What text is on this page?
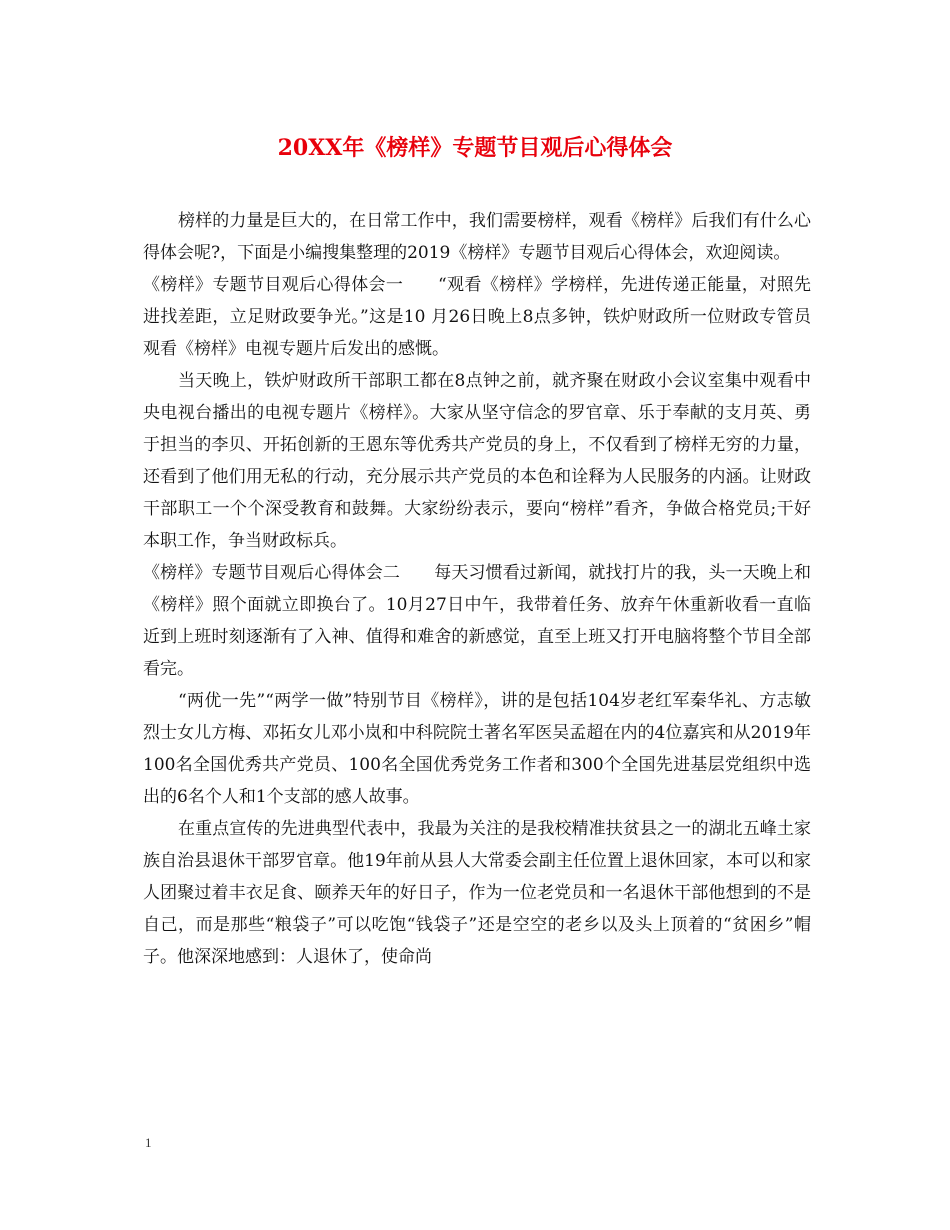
20XX年《榜样》专题节目观后心得体会

榜样的力量是巨大的，在日常工作中，我们需要榜样，观看《榜样》后我们有什么心得体会呢?，下面是小编搜集整理的2019《榜样》专题节目观后心得体会，欢迎阅读。

《榜样》专题节目观后心得体会一　　“观看《榜样》学榜样，先进传递正能量，对照先进找差距，立足财政要争光。”这是10 月26日晚上8点多钟，铁炉财政所一位财政专管员观看《榜样》电视专题片后发出的感慨。

当天晚上，铁炉财政所干部职工都在8点钟之前，就齐聚在财政小会议室集中观看中央电视台播出的电视专题片《榜样》。大家从坚守信念的罗官章、乐于奉献的支月英、勇于担当的李贝、开拓创新的王恩东等优秀共产党员的身上，不仅看到了榜样无穷的力量，还看到了他们用无私的行动，充分展示共产党员的本色和诠释为人民服务的内涵。让财政干部职工一个个深受教育和鼓舞。大家纷纷表示，要向“榜样”看齐，争做合格党员;干好本职工作，争当财政标兵。

《榜样》专题节目观后心得体会二　　每天习惯看过新闻，就找打片的我，头一天晚上和《榜样》照个面就立即换台了。10月27日中午，我带着任务、放弃午休重新收看一直临近到上班时刻逐渐有了入神、值得和难舍的新感觉，直至上班又打开电脑将整个节目全部看完。

“两优一先”“两学一做”特别节目《榜样》，讲的是包括104岁老红军秦华礼、方志敏烈士女儿方梅、邓拓女儿邓小岚和中科院院士著名军医吴孟超在内的4位嘉宾和从2019年100名全国优秀共产党员、100名全国优秀党务工作者和300个全国先进基层党组织中选出的6名个人和1个支部的感人故事。

在重点宣传的先进典型代表中，我最为关注的是我校精准扶贫县之一的湖北五峰土家族自治县退休干部罗官章。他19年前从县人大常委会副主任位置上退休回家，本可以和家人团聚过着丰衣足食、颐养天年的好日子，作为一位老党员和一名退休干部他想到的不是自己，而是那些“粮袋子”可以吃饱“钱袋子”还是空空的老乡以及头上顶着的“贫困乡”帽子。他深深地感到：人退休了，使命尚

1
